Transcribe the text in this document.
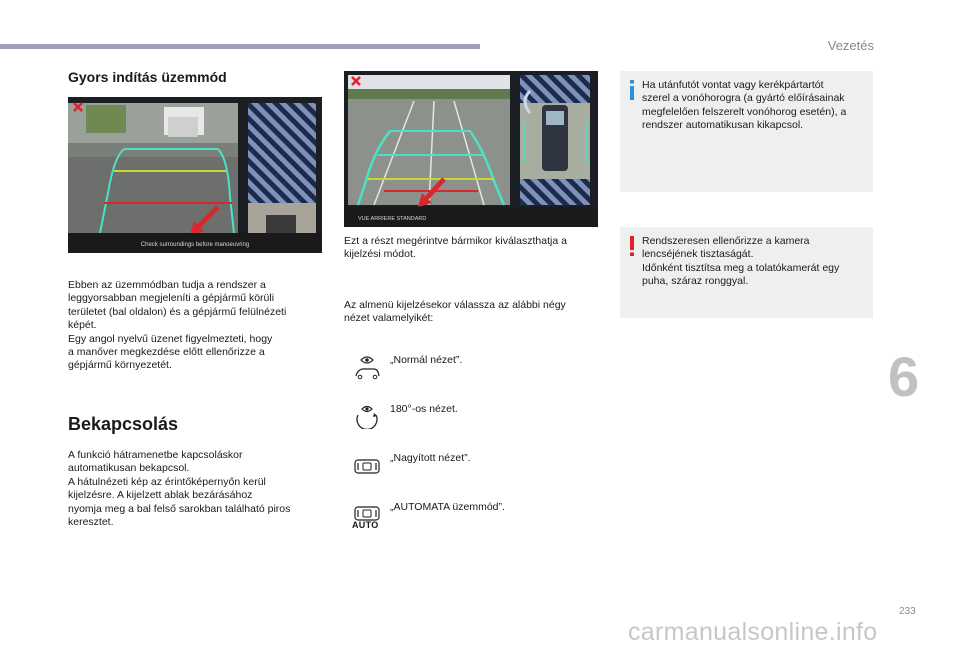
Vezetés
Gyors indítás üzemmód
Check surroundings before manoeuvring

Ebben az üzemmódban tudja a rendszer a

leggyorsabban megjeleníti a gépjármű körüli

területet (bal oldalon) és a gépjármű felülnézeti

képét.

Egy angol nyelvű üzenet figyelmezteti, hogy

a manőver megkezdése előtt ellenőrizze a

gépjármű környezetét.

Bekapcsolás

A funkció hátramenetbe kapcsoláskor

automatikusan bekapcsol.

A hátulnézeti kép az érintőképernyőn kerül

kijelzésre. A kijelzett ablak bezárásához

nyomja meg a bal felső sarokban található piros

keresztet.

VUE ARRIERE STANDARD

Ezt a részt megérintve bármikor kiválaszthatja a

kijelzési módot.

Az almenü kijelzésekor válassza az alábbi négy

nézet valamelyikét:

„Normál nézet”.
180°-os nézet.
„Nagyított nézet”.
AUTO
„AUTOMATA üzemmód”.

Ha utánfutót vontat vagy kerékpártartót

szerel a vonóhorogra (a gyártó előírásainak

megfelelően felszerelt vonóhorog esetén), a

rendszer automatikusan kikapcsol.

Rendszeresen ellenőrizze a kamera

lencséjének tisztaságát.

Időnként tisztítsa meg a tolatókamerát egy

puha, száraz ronggyal.

6
233
carmanualsonline.info
